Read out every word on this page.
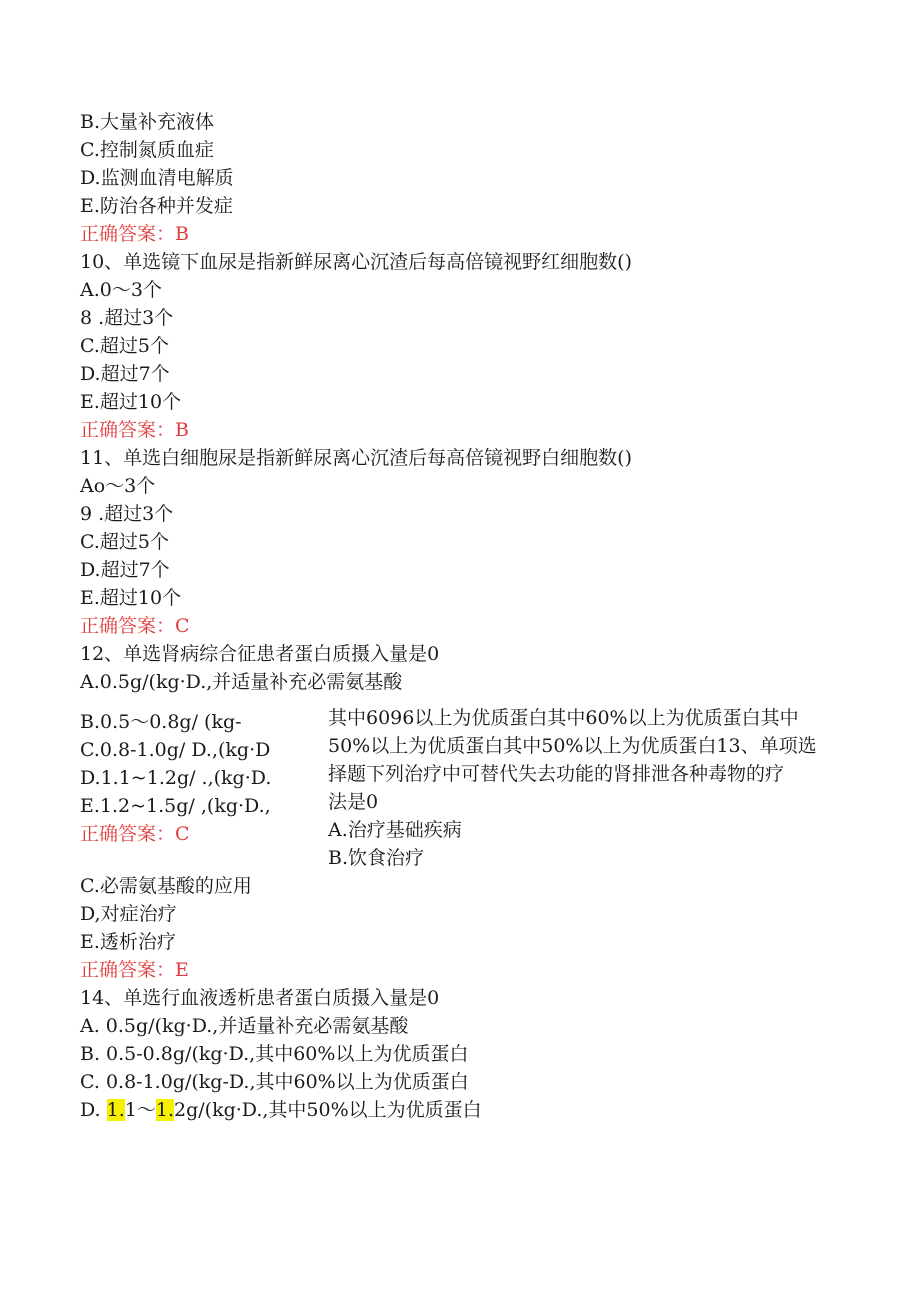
B.大量补充液体
C.控制氮质血症
D.监测血清电解质
E.防治各种并发症
正确答案：B
10、单选镜下血尿是指新鲜尿离心沉渣后每高倍镜视野红细胞数()
A.0～3个
8 .超过3个
C.超过5个
D.超过7个
E.超过10个
正确答案：B
11、单选白细胞尿是指新鲜尿离心沉渣后每高倍镜视野白细胞数()
Ao～3个
9 .超过3个
C.超过5个
D.超过7个
E.超过10个
正确答案：C
12、单选肾病综合征患者蛋白质摄入量是0
A.0.5g/(kg·D.,并适量补充必需氨基酸
B.0.5～0.8g/ (kg-
C.0.8-1.0g/ D.,(kg·D
D.1.1~1.2g/ .,(kg·D.
E.1.2~1.5g/ ,(kg·D.,
正确答案：C
其中6096以上为优质蛋白其中60%以上为优质蛋白其中
50%以上为优质蛋白其中50%以上为优质蛋白13、单项选
择题下列治疗中可替代失去功能的肾排泄各种毒物的疗
法是0
A.治疗基础疾病
B.饮食治疗
C.必需氨基酸的应用
D,对症治疗
E.透析治疗
正确答案：E
14、单选行血液透析患者蛋白质摄入量是0
A. 0.5g/(kg·D.,并适量补充必需氨基酸
B. 0.5-0.8g/(kg·D.,其中60%以上为优质蛋白
C. 0.8-1.0g/(kg-D.,其中60%以上为优质蛋白
D. 1.1～1.2g/(kg·D.,其中50%以上为优质蛋白
